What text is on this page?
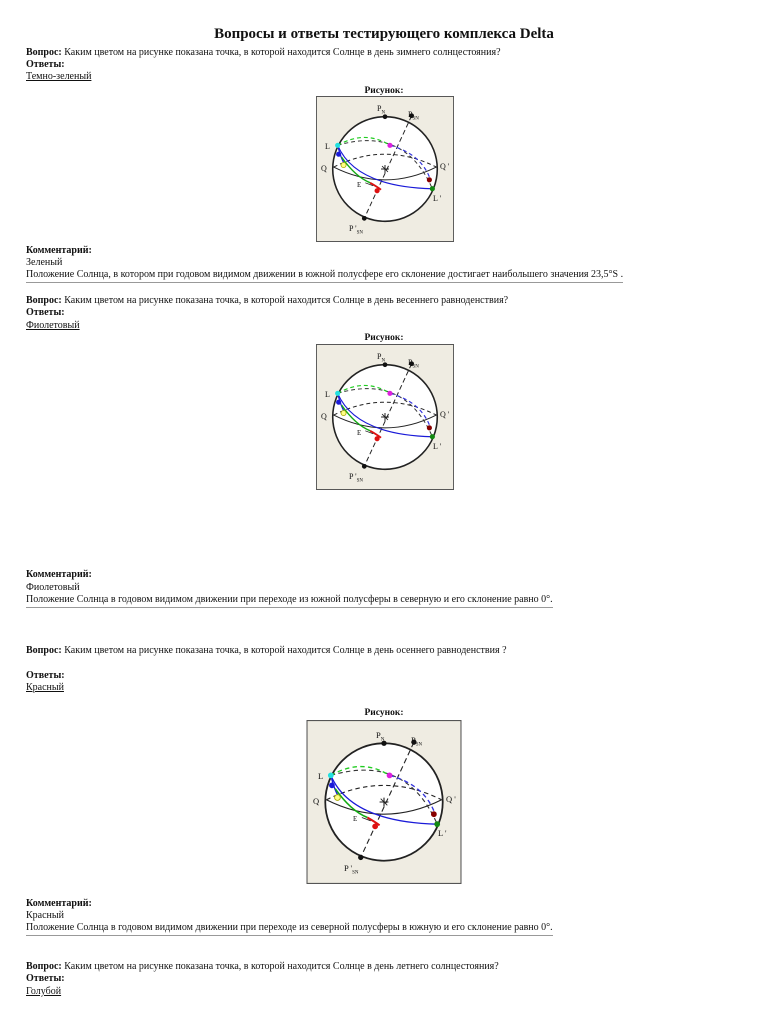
Вопросы и ответы тестирующего комплекса Delta
Вопрос: Каким цветом на рисунке показана точка, в которой находится Солнце в день зимнего солнцестояния?
Ответы:
Темно-зеленый
Рисунок:
$P_N$	$P_{SN}$
L
Q	Q '
L '
E
P '$_{SN}$
Комментарий:
Зеленый
Положение Солнца, в котором при годовом видимом движении в южной полусфере его склонение достигает наибольшего значения 23,5°S .
Вопрос: Каким цветом на рисунке показана точка, в которой находится Солнце в день весеннего равноденствия?
Ответы:
Фиолетовый
Рисунок:
$P_N$	$P_{SN}$
L
Q	Q '
L '
E
P '$_{SN}$
Комментарий:
Фиолетовый
Положение Солнца в годовом видимом движении при переходе из южной полусферы в северную и его склонение равно 0°.
Вопрос: Каким цветом на рисунке показана точка, в которой находится Солнце в день осеннего равноденствия ?
Ответы:
Красный
Рисунок:
$P_N$	$P_{SN}$
L
Q	Q '
L '
E
P '$_{SN}$
Комментарий:
Красный
Положение Солнца в годовом видимом движении при переходе из северной полусферы в южную и его склонение равно 0°.
Вопрос: Каким цветом на рисунке показана точка, в которой находится Солнце в день летнего солнцестояния?
Ответы:
Голубой
